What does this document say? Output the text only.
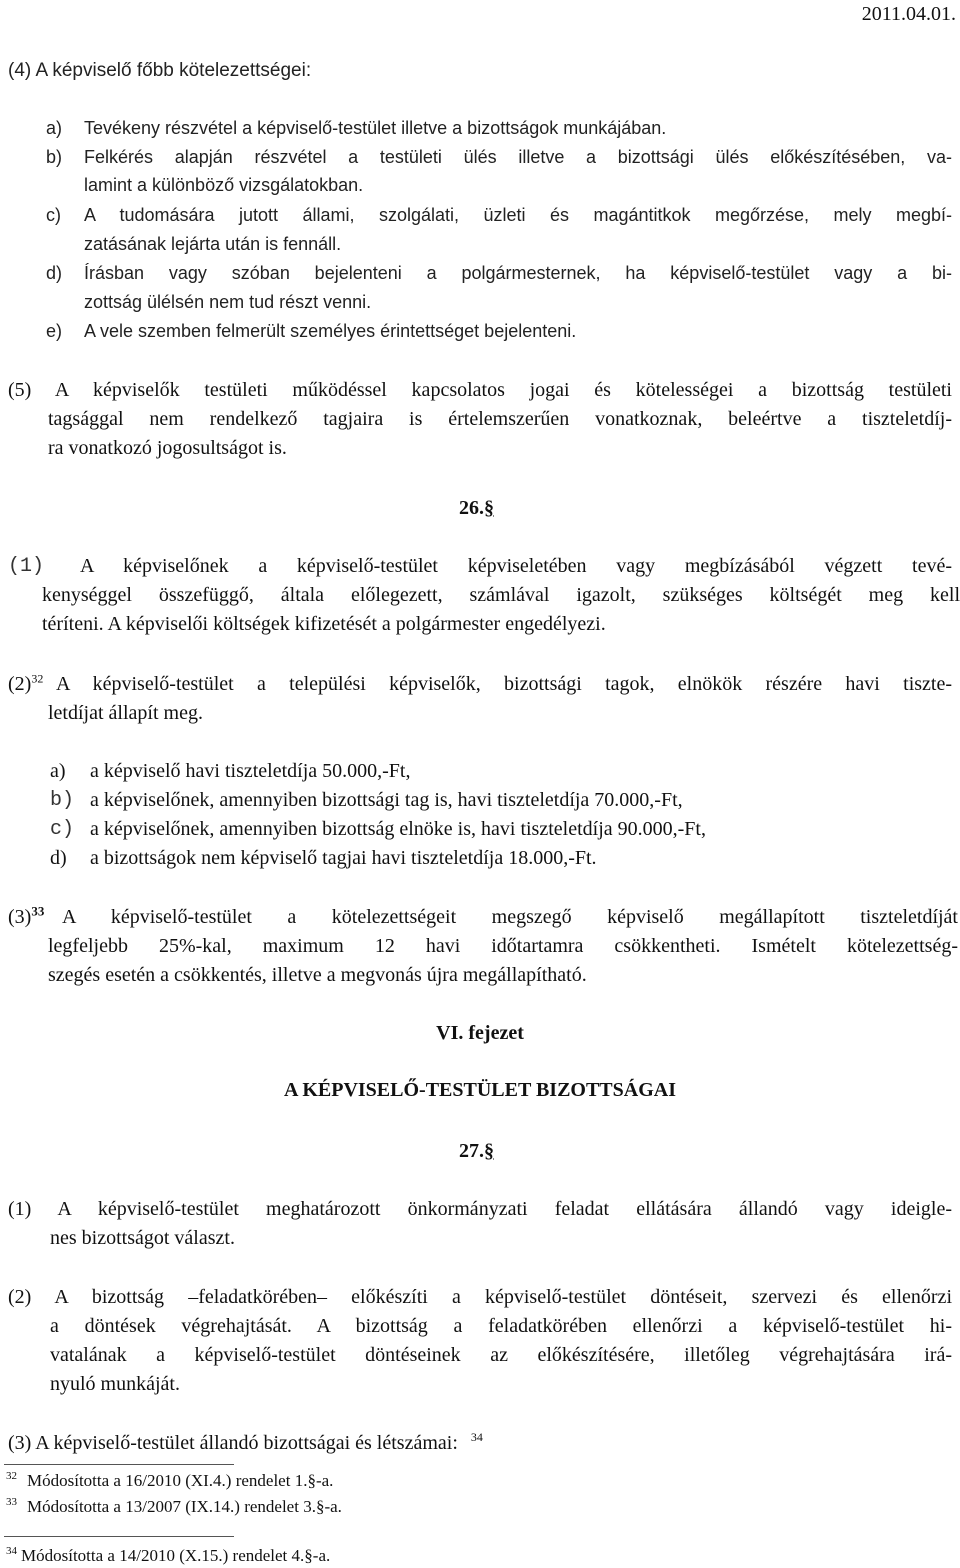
2011.04.01.
(4) A képviselő főbb kötelezettségei:
a) Tevékeny részvétel a képviselő-testület illetve a bizottságok munkájában.
b) Felkérés alapján részvétel a testületi ülés illetve a bizottsági ülés előkészítésében, va-
lamint a különböző vizsgálatokban.
c) A tudomására jutott állami, szolgálati, üzleti és magántitkok megőrzése, mely megbí-
zatásának lejárta után is fennáll.
d) Írásban vagy szóban bejelenteni a polgármesternek, ha képviselő-testület vagy a bi-
zottság ülélsén nem tud részt venni.
e) A vele szemben felmerült személyes érintettséget bejelenteni.
(5) A képviselők testületi működéssel kapcsolatos jogai és kötelességei a bizottság testületi
tagsággal nem rendelkező tagjaira is értelemszerűen vonatkoznak, beleértve a tiszteletdíj-
ra vonatkozó jogosultságot is.
26.§
(1) A képviselőnek a képviselő-testület képviseletében vagy megbízásából végzett tevé-
kenységgel összefüggő, általa előlegezett, számlával igazolt, szükséges költségét meg kell
téríteni. A képviselői költségek kifizetését a polgármester engedélyezi.
$(2)^{32}$ A képviselő-testület a települési képviselők, bizottsági tagok, elnökök részére havi tiszte-
letdíjat állapít meg.
a) a képviselő havi tiszteletdíja 50.000,-Ft,
b) a képviselőnek, amennyiben bizottsági tag is, havi tiszteletdíja 70.000,-Ft,
c) a képviselőnek, amennyiben bizottság elnöke is, havi tiszteletdíja 90.000,-Ft,
d) a bizottságok nem képviselő tagjai havi tiszteletdíja 18.000,-Ft.
$(3)^{33}$ A képviselő-testület a kötelezettségeit megszegő képviselő megállapított tiszteletdíját
legfeljebb 25%-kal, maximum 12 havi időtartamra csökkentheti. Ismételt kötelezettség-
szegés esetén a csökkentés, illetve a megvonás újra megállapítható.
VI. fejezet
A KÉPVISELŐ-TESTÜLET BIZOTTSÁGAI
27.§
(1) A képviselő-testület meghatározott önkormányzati feladat ellátására állandó vagy ideigle-
nes bizottságot választ.
(2) A bizottság –feladatkörében– előkészíti a képviselő-testület döntéseit, szervezi és ellenőrzi
a döntések végrehajtását. A bizottság a feladatkörében ellenőrzi a képviselő-testület hi-
vatalának a képviselő-testület döntéseinek az előkészítésére, illetőleg végrehajtására irá-
nyuló munkáját.
(3) A képviselő-testület állandó bizottságai és létszámai: $^{34}$
$^{32}$ Módosította a 16/2010 (XI.4.) rendelet 1.§-a.
$^{33}$ Módosította a 13/2007 (IX.14.) rendelet 3.§-a.
$^{34}$ Módosította a 14/2010 (X.15.) rendelet 4.§-a.
